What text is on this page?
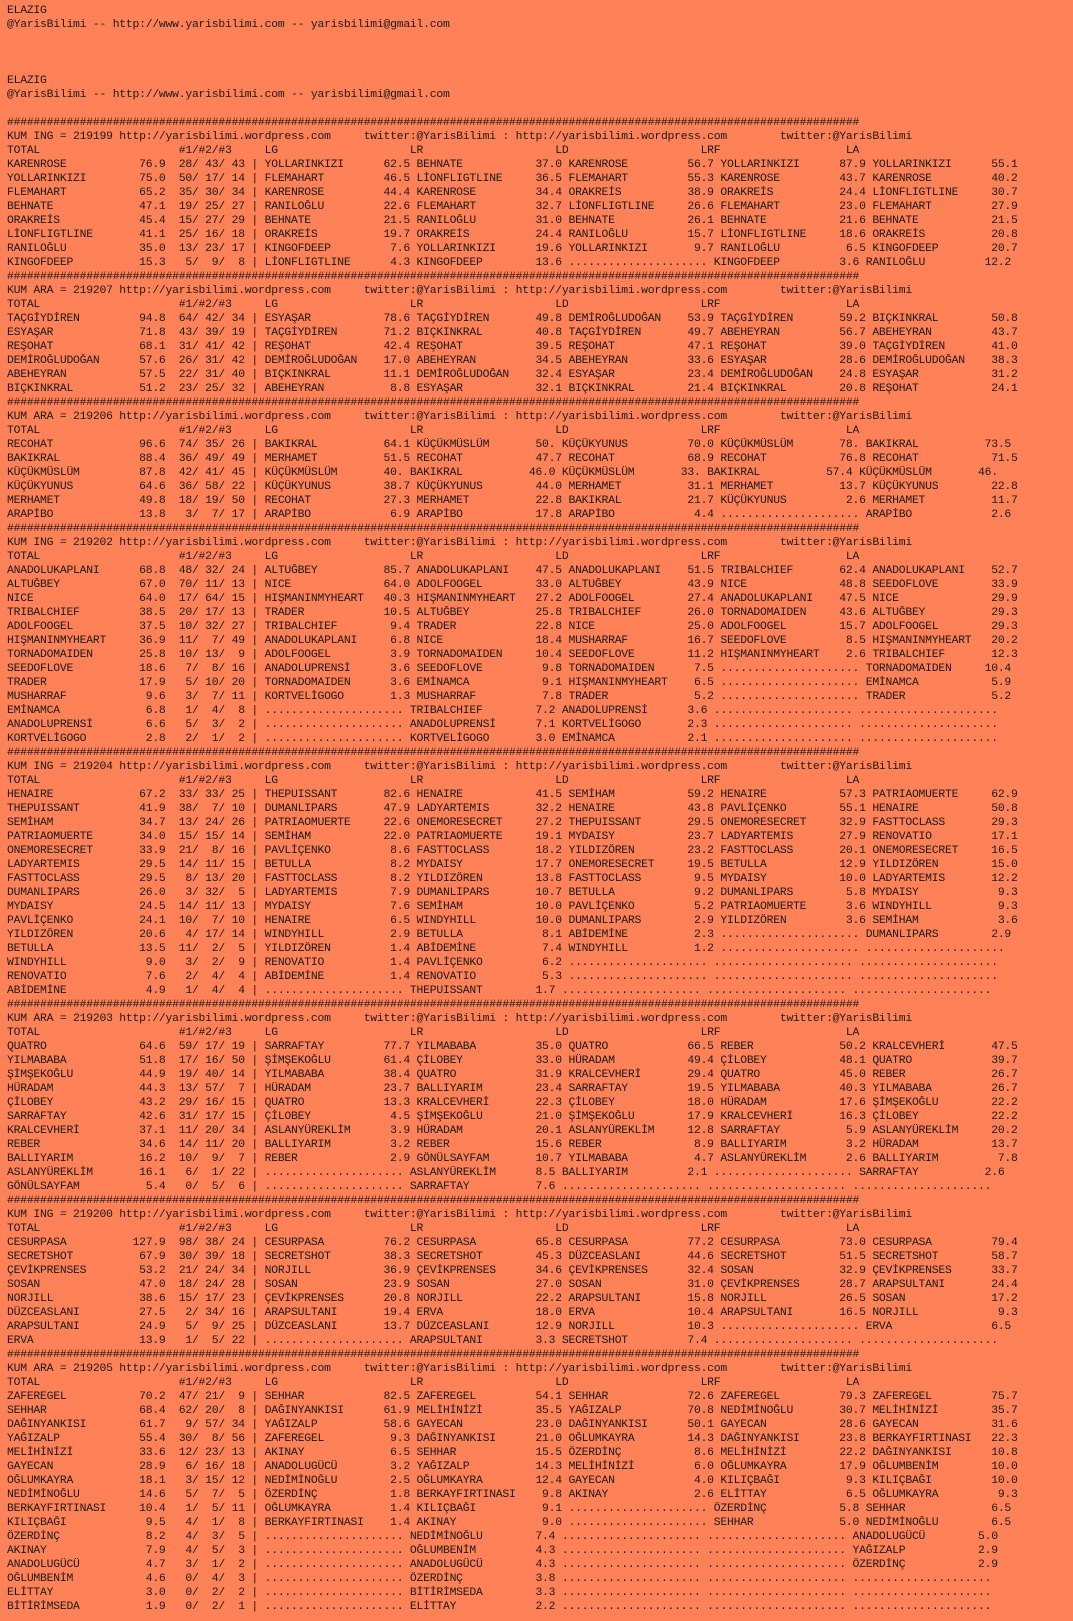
ELAZIG
@YarisBilimi -- http://www.yarisbilimi.com -- yarisbilimi@gmail.com
ELAZIG
@YarisBilimi -- http://www.yarisbilimi.com -- yarisbilimi@gmail.com
#################################################################################################################################
KUM ING = 219199 http://yarisbilimi.wordpress.com     twitter:@YarisBilimi : http://yarisbilimi.wordpress.com        twitter:@YarisBilimi
TOTAL                     #1/#2/#3     LG                    LR                    LD                    LRF                   LA
KARENROSE           76.9  28/ 43/ 43 | YOLLARINKIZI      62.5 BEHNATE           37.0 KARENROSE         56.7 YOLLARINKIZI      87.9 YOLLARINKIZI      55.1
YOLLARINKIZI        75.0  50/ 17/ 14 | FLEMAHART         46.5 LİONFLIGTLINE     36.5 FLEMAHART         55.3 KARENROSE         43.7 KARENROSE         40.2
FLEMAHART           65.2  35/ 30/ 34 | KARENROSE         44.4 KARENROSE         34.4 ORAKREİS          38.9 ORAKREİS          24.4 LİONFLIGTLINE     30.7
BEHNATE             47.1  19/ 25/ 27 | RANILOĞLU         22.6 FLEMAHART         32.7 LİONFLIGTLINE     26.6 FLEMAHART         23.0 FLEMAHART         27.9
ORAKREİS            45.4  15/ 27/ 29 | BEHNATE           21.5 RANILOĞLU         31.0 BEHNATE           26.1 BEHNATE           21.6 BEHNATE           21.5
LİONFLIGTLINE       41.1  25/ 16/ 18 | ORAKREİS          19.7 ORAKREİS          24.4 RANILOĞLU         15.7 LİONFLIGTLINE     18.6 ORAKREİS          20.8
RANILOĞLU           35.0  13/ 23/ 17 | KINGOFDEEP         7.6 YOLLARINKIZI      19.6 YOLLARINKIZI       9.7 RANILOĞLU          6.5 KINGOFDEEP        20.7
KINGOFDEEP          15.3   5/  9/  8 | LİONFLIGTLINE      4.3 KINGOFDEEP        13.6 ..................... KINGOFDEEP         3.6 RANILOĞLU         12.2
#################################################################################################################################
KUM ARA = 219207 http://yarisbilimi.wordpress.com     twitter:@YarisBilimi : http://yarisbilimi.wordpress.com        twitter:@YarisBilimi
TOTAL                     #1/#2/#3     LG                    LR                    LD                    LRF                   LA
TAÇGİYDİREN         94.8  64/ 42/ 34 | ESYAŞAR           78.6 TAÇGİYDİREN       49.8 DEMİROĞLUDOĞAN    53.9 TAÇGİYDİREN       59.2 BIÇKINKRAL        50.8
ESYAŞAR             71.8  43/ 39/ 19 | TAÇGİYDİREN       71.2 BIÇKINKRAL        40.8 TAÇGİYDİREN       49.7 ABEHEYRAN         56.7 ABEHEYRAN         43.7
REŞOHAT             68.1  31/ 41/ 42 | REŞOHAT           42.4 REŞOHAT           39.5 REŞOHAT           47.1 REŞOHAT           39.0 TAÇGİYDİREN       41.0
DEMİROĞLUDOĞAN      57.6  26/ 31/ 42 | DEMİROĞLUDOĞAN    17.0 ABEHEYRAN         34.5 ABEHEYRAN         33.6 ESYAŞAR           28.6 DEMİROĞLUDOĞAN    38.3
ABEHEYRAN           57.5  22/ 31/ 40 | BIÇKINKRAL        11.1 DEMİROĞLUDOĞAN    32.4 ESYAŞAR           23.4 DEMİROĞLUDOĞAN    24.8 ESYAŞAR           31.2
BIÇKINKRAL          51.2  23/ 25/ 32 | ABEHEYRAN          8.8 ESYAŞAR           32.1 BIÇKINKRAL        21.4 BIÇKINKRAL        20.8 REŞOHAT           24.1
#################################################################################################################################
KUM ARA = 219206 http://yarisbilimi.wordpress.com     twitter:@YarisBilimi : http://yarisbilimi.wordpress.com        twitter:@YarisBilimi
TOTAL                     #1/#2/#3     LG                    LR                    LD                    LRF                   LA
RECOHAT             96.6  74/ 35/ 26 | BAKIKRAL          64.1 KÜÇÜKMÜSLÜM       50. KÜÇÜKYUNUS         70.0 KÜÇÜKMÜSLÜM       78. BAKIKRAL          73.5
BAKIKRAL            88.4  36/ 49/ 49 | MERHAMET          51.5 RECOHAT           47.7 RECOHAT           68.9 RECOHAT           76.8 RECOHAT           71.5
KÜÇÜKMÜSLÜM         87.8  42/ 41/ 45 | KÜÇÜKMÜSLÜM       40. BAKIKRAL          46.0 KÜÇÜKMÜSLÜM       33. BAKIKRAL          57.4 KÜÇÜKMÜSLÜM       46.
KÜÇÜKYUNUS          64.6  36/ 58/ 22 | KÜÇÜKYUNUS        38.7 KÜÇÜKYUNUS        44.0 MERHAMET          31.1 MERHAMET          13.7 KÜÇÜKYUNUS        22.8
MERHAMET            49.8  18/ 19/ 50 | RECOHAT           27.3 MERHAMET          22.8 BAKIKRAL          21.7 KÜÇÜKYUNUS         2.6 MERHAMET          11.7
ARAPİBO             13.8   3/  7/ 17 | ARAPİBO            6.9 ARAPİBO           17.8 ARAPİBO            4.4 ..................... ARAPİBO            2.6
#################################################################################################################################
KUM ING = 219202 http://yarisbilimi.wordpress.com     twitter:@YarisBilimi : http://yarisbilimi.wordpress.com        twitter:@YarisBilimi
TOTAL                     #1/#2/#3     LG                    LR                    LD                    LRF                   LA
ANADOLUKAPLANI      68.8  48/ 32/ 24 | ALTUĞBEY          85.7 ANADOLUKAPLANI    47.5 ANADOLUKAPLANI    51.5 TRIBALCHIEF       62.4 ANADOLUKAPLANI    52.7
ALTUĞBEY            67.0  70/ 11/ 13 | NICE              64.0 ADOLFOOGEL        33.0 ALTUĞBEY          43.9 NICE              48.8 SEEDOFLOVE        33.9
NICE                64.0  17/ 64/ 15 | HIŞMANINMYHEART   40.3 HIŞMANINMYHEART   27.2 ADOLFOOGEL        27.4 ANADOLUKAPLANI    47.5 NICE              29.9
TRIBALCHIEF         38.5  20/ 17/ 13 | TRADER            10.5 ALTUĞBEY          25.8 TRIBALCHIEF       26.0 TORNADOMAIDEN     43.6 ALTUĞBEY          29.3
ADOLFOOGEL          37.5  10/ 32/ 27 | TRIBALCHIEF        9.4 TRADER            22.8 NICE              25.0 ADOLFOOGEL        15.7 ADOLFOOGEL        29.3
HIŞMANINMYHEART     36.9  11/  7/ 49 | ANADOLUKAPLANI     6.8 NICE              18.4 MUSHARRAF         16.7 SEEDOFLOVE         8.5 HIŞMANINMYHEART   20.2
TORNADOMAIDEN       25.8  10/ 13/  9 | ADOLFOOGEL         3.9 TORNADOMAIDEN     10.4 SEEDOFLOVE        11.2 HIŞMANINMYHEART    2.6 TRIBALCHIEF       12.3
SEEDOFLOVE          18.6   7/  8/ 16 | ANADOLUPRENSİ      3.6 SEEDOFLOVE         9.8 TORNADOMAIDEN      7.5 ..................... TORNADOMAIDEN     10.4
TRADER              17.9   5/ 10/ 20 | TORNADOMAIDEN      3.6 EMİNAMCA           9.1 HIŞMANINMYHEART    6.5 ..................... EMİNAMCA           5.9
MUSHARRAF            9.6   3/  7/ 11 | KORTVELİGOGO       1.3 MUSHARRAF          7.8 TRADER             5.2 ..................... TRADER             5.2
EMİNAMCA             6.8   1/  4/  8 | ..................... TRIBALCHIEF        7.2 ANADOLUPRENSİ      3.6 ..................... .....................
ANADOLUPRENSİ        6.6   5/  3/  2 | ..................... ANADOLUPRENSİ      7.1 KORTVELİGOGO       2.3 ..................... .....................
KORTVELİGOGO         2.8   2/  1/  2 | ..................... KORTVELİGOGO       3.0 EMİNAMCA           2.1 ..................... .....................
#################################################################################################################################
KUM ING = 219204 http://yarisbilimi.wordpress.com     twitter:@YarisBilimi : http://yarisbilimi.wordpress.com        twitter:@YarisBilimi
TOTAL                     #1/#2/#3     LG                    LR                    LD                    LRF                   LA
HENAIRE             67.2  33/ 33/ 25 | THEPUISSANT       82.6 HENAIRE           41.5 SEMİHAM           59.2 HENAIRE           57.3 PATRIAOMUERTE     62.9
THEPUISSANT         41.9  38/  7/ 10 | DUMANLIPARS       47.9 LADYARTEMIS       32.2 HENAIRE           43.8 PAVLİÇENKO        55.1 HENAIRE           50.8
SEMİHAM             34.7  13/ 24/ 26 | PATRIAOMUERTE     22.6 ONEMORESECRET     27.2 THEPUISSANT       29.5 ONEMORESECRET     32.9 FASTTOCLASS       29.3
PATRIAOMUERTE       34.0  15/ 15/ 14 | SEMİHAM           22.0 PATRIAOMUERTE     19.1 MYDAISY           23.7 LADYARTEMIS       27.9 RENOVATIO         17.1
ONEMORESECRET       33.9  21/  8/ 16 | PAVLİÇENKO         8.6 FASTTOCLASS       18.2 YILDIZÖREN        23.2 FASTTOCLASS       20.1 ONEMORESECRET     16.5
LADYARTEMIS         29.5  14/ 11/ 15 | BETULLA            8.2 MYDAISY           17.7 ONEMORESECRET     19.5 BETULLA           12.9 YILDIZÖREN        15.0
FASTTOCLASS         29.5   8/ 13/ 20 | FASTTOCLASS        8.2 YILDIZÖREN        13.8 FASTTOCLASS        9.5 MYDAISY           10.0 LADYARTEMIS       12.2
DUMANLIPARS         26.0   3/ 32/  5 | LADYARTEMIS        7.9 DUMANLIPARS       10.7 BETULLA            9.2 DUMANLIPARS        5.8 MYDAISY            9.3
MYDAISY             24.5  14/ 11/ 13 | MYDAISY            7.6 SEMİHAM           10.0 PAVLİÇENKO         5.2 PATRIAOMUERTE      3.6 WINDYHILL          9.3
PAVLİÇENKO          24.1  10/  7/ 10 | HENAIRE            6.5 WINDYHILL         10.0 DUMANLIPARS        2.9 YILDIZÖREN         3.6 SEMİHAM            3.6
YILDIZÖREN          20.6   4/ 17/ 14 | WINDYHILL          2.9 BETULLA            8.1 ABİDEMİNE          2.3 ..................... DUMANLIPARS        2.9
BETULLA             13.5  11/  2/  5 | YILDIZÖREN         1.4 ABİDEMİNE          7.4 WINDYHILL          1.2 ..................... .....................
WINDYHILL            9.0   3/  2/  9 | RENOVATIO          1.4 PAVLİÇENKO         6.2 ..................... ..................... .....................
RENOVATIO            7.6   2/  4/  4 | ABİDEMİNE          1.4 RENOVATIO          5.3 ..................... ..................... .....................
ABİDEMİNE            4.9   1/  4/  4 | ..................... THEPUISSANT        1.7 ..................... ..................... .....................
#################################################################################################################################
KUM ARA = 219203 http://yarisbilimi.wordpress.com     twitter:@YarisBilimi : http://yarisbilimi.wordpress.com        twitter:@YarisBilimi
TOTAL                     #1/#2/#3     LG                    LR                    LD                    LRF                   LA
QUATRO              64.6  59/ 17/ 19 | SARRAFTAY         77.7 YILMABABA         35.0 QUATRO            66.5 REBER             50.2 KRALCEVHERİ       47.5
YILMABABA           51.8  17/ 16/ 50 | ŞİMŞEKOĞLU        61.4 ÇİLOBEY           33.0 HÜRADAM           49.4 ÇİLOBEY           48.1 QUATRO            39.7
ŞİMŞEKOĞLU          44.9  19/ 40/ 14 | YILMABABA         38.4 QUATRO            31.9 KRALCEVHERİ       29.4 QUATRO            45.0 REBER             26.7
HÜRADAM             44.3  13/ 57/  7 | HÜRADAM           23.7 BALLIYARIM        23.4 SARRAFTAY         19.5 YILMABABA         40.3 YILMABABA         26.7
ÇİLOBEY             43.2  29/ 16/ 15 | QUATRO            13.3 KRALCEVHERİ       22.3 ÇİLOBEY           18.0 HÜRADAM           17.6 ŞİMŞEKOĞLU        22.2
SARRAFTAY           42.6  31/ 17/ 15 | ÇİLOBEY            4.5 ŞİMŞEKOĞLU        21.0 ŞİMŞEKOĞLU        17.9 KRALCEVHERİ       16.3 ÇİLOBEY           22.2
KRALCEVHERİ         37.1  11/ 20/ 34 | ASLANYÜREKLİM      3.9 HÜRADAM           20.1 ASLANYÜREKLİM     12.8 SARRAFTAY          5.9 ASLANYÜREKLİM     20.2
REBER               34.6  14/ 11/ 20 | BALLIYARIM         3.2 REBER             15.6 REBER              8.9 BALLIYARIM         3.2 HÜRADAM           13.7
BALLIYARIM          16.2  10/  9/  7 | REBER              2.9 GÖNÜLSAYFAM       10.7 YILMABABA          4.7 ASLANYÜREKLİM      2.6 BALLIYARIM         7.8
ASLANYÜREKLİM       16.1   6/  1/ 22 | ..................... ASLANYÜREKLİM      8.5 BALLIYARIM         2.1 ..................... SARRAFTAY          2.6
GÖNÜLSAYFAM          5.4   0/  5/  6 | ..................... SARRAFTAY          7.6 ..................... ..................... .....................
#################################################################################################################################
KUM ING = 219200 http://yarisbilimi.wordpress.com     twitter:@YarisBilimi : http://yarisbilimi.wordpress.com        twitter:@YarisBilimi
TOTAL                     #1/#2/#3     LG                    LR                    LD                    LRF                   LA
CESURPASA          127.9  98/ 38/ 24 | CESURPASA         76.2 CESURPASA         65.8 CESURPASA         77.2 CESURPASA         73.0 CESURPASA         79.4
SECRETSHOT          67.9  30/ 39/ 18 | SECRETSHOT        38.3 SECRETSHOT        45.3 DÜZCEASLANI       44.6 SECRETSHOT        51.5 SECRETSHOT        58.7
ÇEVİKPRENSES        53.2  21/ 24/ 34 | NORJILL           36.9 ÇEVİKPRENSES      34.6 ÇEVİKPRENSES      32.4 SOSAN             32.9 ÇEVİKPRENSES      33.7
SOSAN               47.0  18/ 24/ 28 | SOSAN             23.9 SOSAN             27.0 SOSAN             31.0 ÇEVİKPRENSES      28.7 ARAPSULTANI       24.4
NORJILL             38.6  15/ 17/ 23 | ÇEVİKPRENSES      20.8 NORJILL           22.2 ARAPSULTANI       15.8 NORJILL           26.5 SOSAN             17.2
DÜZCEASLANI         27.5   2/ 34/ 16 | ARAPSULTANI       19.4 ERVA              18.0 ERVA              10.4 ARAPSULTANI       16.5 NORJILL            9.3
ARAPSULTANI         24.9   5/  9/ 25 | DÜZCEASLANI       13.7 DÜZCEASLANI       12.9 NORJILL           10.3 ..................... ERVA               6.5
ERVA                13.9   1/  5/ 22 | ..................... ARAPSULTANI        3.3 SECRETSHOT         7.4 ..................... .....................
#################################################################################################################################
KUM ARA = 219205 http://yarisbilimi.wordpress.com     twitter:@YarisBilimi : http://yarisbilimi.wordpress.com        twitter:@YarisBilimi
TOTAL                     #1/#2/#3     LG                    LR                    LD                    LRF                   LA
ZAFEREGEL           70.2  47/ 21/  9 | SEHHAR            82.5 ZAFEREGEL         54.1 SEHHAR            72.6 ZAFEREGEL         79.3 ZAFEREGEL         75.7
SEHHAR              68.4  62/ 20/  8 | DAĞINYANKISI      61.9 MELİHİNİZİ        35.5 YAĞIZALP          70.8 NEDİMİNOĞLU       30.7 MELİHİNİZİ        35.7
DAĞINYANKISI        61.7   9/ 57/ 34 | YAĞIZALP          58.6 GAYECAN           23.0 DAĞINYANKISI      50.1 GAYECAN           28.6 GAYECAN           31.6
YAĞIZALP            55.4  30/  8/ 56 | ZAFEREGEL          9.3 DAĞINYANKISI      21.0 OĞLUMKAYRA        14.3 DAĞINYANKISI      23.8 BERKAYFIRTINASI   22.3
MELİHİNİZİ          33.6  12/ 23/ 13 | AKINAY             6.5 SEHHAR            15.5 ÖZERDİNÇ           8.6 MELİHİNİZİ        22.2 DAĞINYANKISI      10.8
GAYECAN             28.9   6/ 16/ 18 | ANADOLUGÜCÜ        3.2 YAĞIZALP          14.3 MELİHİNİZİ         6.0 OĞLUMKAYRA        17.9 OĞLUMBENİM        10.0
OĞLUMKAYRA          18.1   3/ 15/ 12 | NEDİMİNOĞLU        2.5 OĞLUMKAYRA        12.4 GAYECAN            4.0 KILIÇBAĞI          9.3 KILIÇBAĞI         10.0
NEDİMİNOĞLU         14.6   5/  7/  5 | ÖZERDİNÇ           1.8 BERKAYFIRTINASI    9.8 AKINAY             2.6 ELİTTAY            6.5 OĞLUMKAYRA         9.3
BERKAYFIRTINASI     10.4   1/  5/ 11 | OĞLUMKAYRA         1.4 KILIÇBAĞI          9.1 ..................... ÖZERDİNÇ           5.8 SEHHAR             6.5
KILIÇBAĞI            9.5   4/  1/  8 | BERKAYFIRTINASI    1.4 AKINAY             9.0 ..................... SEHHAR             5.0 NEDİMİNOĞLU        6.5
ÖZERDİNÇ             8.2   4/  3/  5 | ..................... NEDİMİNOĞLU        7.4 ..................... ..................... ANADOLUGÜCÜ        5.0
AKINAY               7.9   4/  5/  3 | ..................... OĞLUMBENİM         4.3 ..................... ..................... YAĞIZALP           2.9
ANADOLUGÜCÜ          4.7   3/  1/  2 | ..................... ANADOLUGÜCÜ        4.3 ..................... ..................... ÖZERDİNÇ           2.9
OĞLUMBENİM           4.6   0/  4/  3 | ..................... ÖZERDİNÇ           3.8 ..................... ..................... .....................
ELİTTAY              3.0   0/  2/  2 | ..................... BİTİRİMSEDA        3.3 ..................... ..................... .....................
BİTİRİMSEDA          1.9   0/  2/  1 | ..................... ELİTTAY            2.2 ..................... ..................... .....................
